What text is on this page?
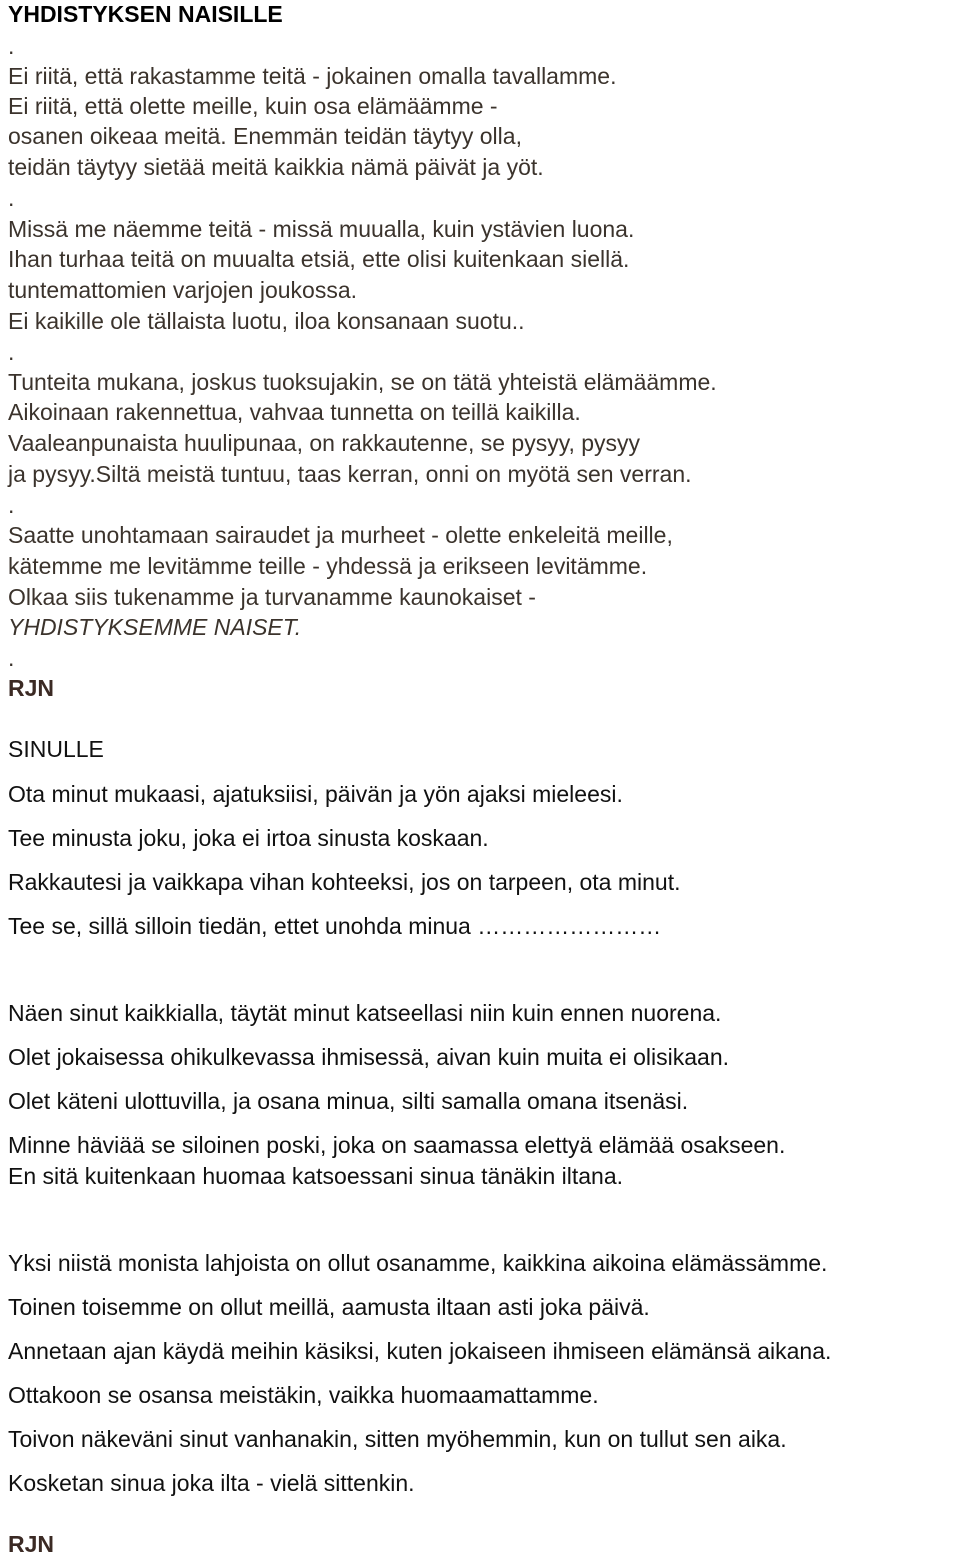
YHDISTYKSEN NAISILLE
.
Ei riitä, että rakastamme teitä - jokainen omalla tavallamme.
Ei riitä, että olette meille, kuin osa elämäämme -
osanen oikeaa meitä. Enemmän teidän täytyy olla,
teidän täytyy sietää meitä kaikkia nämä päivät ja yöt.
.
Missä me näemme teitä - missä muualla, kuin ystävien luona.
Ihan turhaa teitä on muualta etsiä, ette olisi kuitenkaan siellä.
tuntemattomien varjojen joukossa.
Ei kaikille ole tällaista luotu, iloa konsanaan suotu..
.
Tunteita mukana, joskus tuoksujakin, se on tätä yhteistä elämäämme.
Aikoinaan rakennettua, vahvaa tunnetta on teillä kaikilla.
Vaaleanpunaista huulipunaa, on rakkautenne, se pysyy, pysyy
ja pysyy.Siltä meistä tuntuu, taas kerran, onni on myötä sen verran.
.
Saatte unohtamaan sairaudet ja murheet - olette enkeleitä meille,
kätemme me levitämme teille - yhdessä ja erikseen levitämme.
Olkaa siis tukenamme ja turvanamme kaunokaiset -
YHDISTYKSEMME NAISET.
.
RJN
SINULLE
Ota minut mukaasi, ajatuksiisi, päivän ja yön ajaksi mieleesi.
Tee minusta joku, joka ei irtoa sinusta koskaan.
Rakkautesi ja vaikkapa vihan kohteeksi, jos on tarpeen, ota minut.
Tee se, sillä silloin tiedän, ettet unohda minua ……………………
Näen sinut kaikkialla, täytät minut katseellasi niin kuin ennen nuorena.
Olet jokaisessa ohikulkevassa ihmisessä, aivan kuin muita ei olisikaan.
Olet käteni ulottuvilla, ja osana minua, silti samalla omana itsenäsi.
Minne häviää se siloinen poski, joka on saamassa elettyä elämää osakseen.
En sitä kuitenkaan huomaa katsoessani sinua tänäkin iltana.
Yksi niistä monista lahjoista on ollut osanamme, kaikkina aikoina elämässämme.
Toinen toisemme on ollut meillä, aamusta iltaan asti joka päivä.
Annetaan ajan käydä meihin käsiksi, kuten jokaiseen ihmiseen elämänsä aikana.
Ottakoon se osansa meistäkin, vaikka huomaamattamme.
Toivon näkeväni sinut vanhanakin, sitten myöhemmin, kun on tullut sen aika.
Kosketan sinua joka ilta - vielä sittenkin.
RJN
